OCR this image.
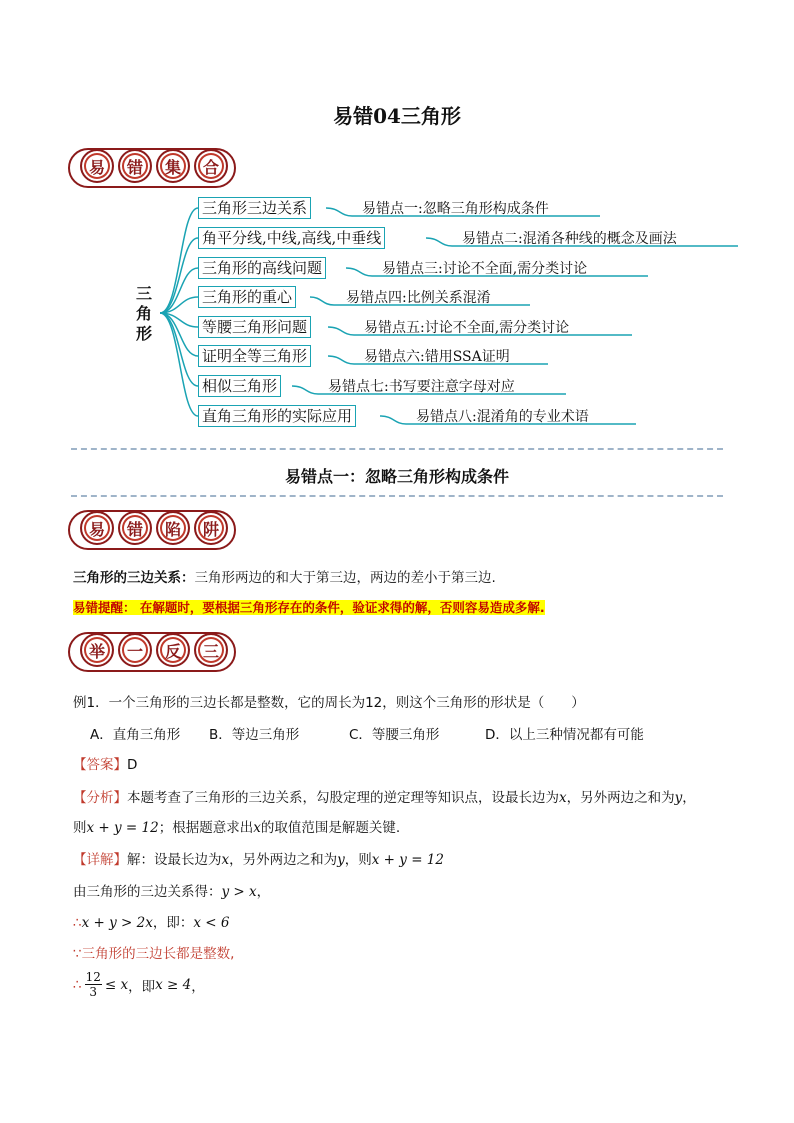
易错04三角形
易 错 集 合
三角形
三角形三边关系	易错点一:忽略三角形构成条件
角平分线,中线,高线,中垂线	易错点二:混淆各种线的概念及画法
三角形的高线问题	易错点三:讨论不全面,需分类讨论
三角形的重心	易错点四:比例关系混淆
等腰三角形问题	易错点五:讨论不全面,需分类讨论
证明全等三角形	易错点六:错用SSA证明
相似三角形	易错点七:书写要注意字母对应
直角三角形的实际应用	易错点八:混淆角的专业术语
易错点一：忽略三角形构成条件
易 错 陷 阱
三角形的三边关系：三角形两边的和大于第三边，两边的差小于第三边.
易错提醒： 在解题时，要根据三角形存在的条件，验证求得的解，否则容易造成多解.
举 一 反 三
例1．一个三角形的三边长都是整数，它的周长为12，则这个三角形的形状是（　　）
A．直角三角形 B．等边三角形	C．等腰三角形	D．以上三种情况都有可能
【答案】D
【分析】本题考查了三角形的三边关系，勾股定理的逆定理等知识点，设最长边为x，另外两边之和为y，
则x + y = 12；根据题意求出x的取值范围是解题关键.
【详解】解：设最长边为x，另外两边之和为y，则x + y = 12
由三角形的三边关系得：y > x，
∴x + y > 2x，即：x < 6
∵三角形的三边长都是整数,
∴ $\frac{12}{3} \le x$ ，即 x ≥ 4 ，
